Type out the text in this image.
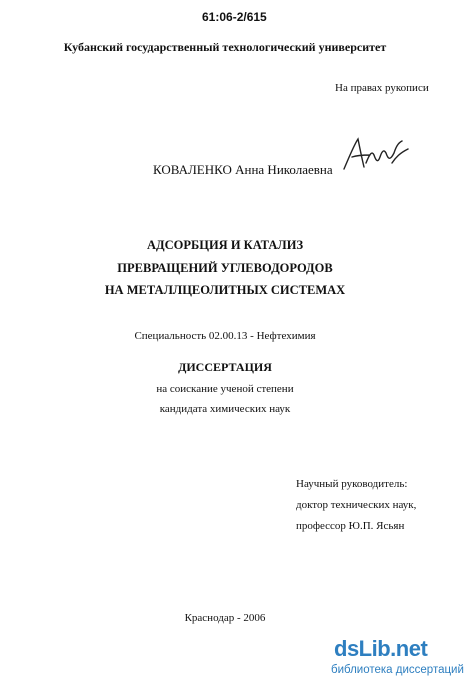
61:06-2/615
Кубанский государственный технологический университет
На правах рукописи
КОВАЛЕНКО Анна Николаевна
АДСОРБЦИЯ И КАТАЛИЗ
ПРЕВРАЩЕНИЙ УГЛЕВОДОРОДОВ
НА МЕТАЛЛЦЕОЛИТНЫХ СИСТЕМАХ
Специальность 02.00.13 - Нефтехимия
ДИССЕРТАЦИЯ
на соискание ученой степени
кандидата химических наук
Научный руководитель:
доктор технических наук,
профессор Ю.П. Ясьян
Краснодар - 2006
dsLib.net
библиотека диссертаций
